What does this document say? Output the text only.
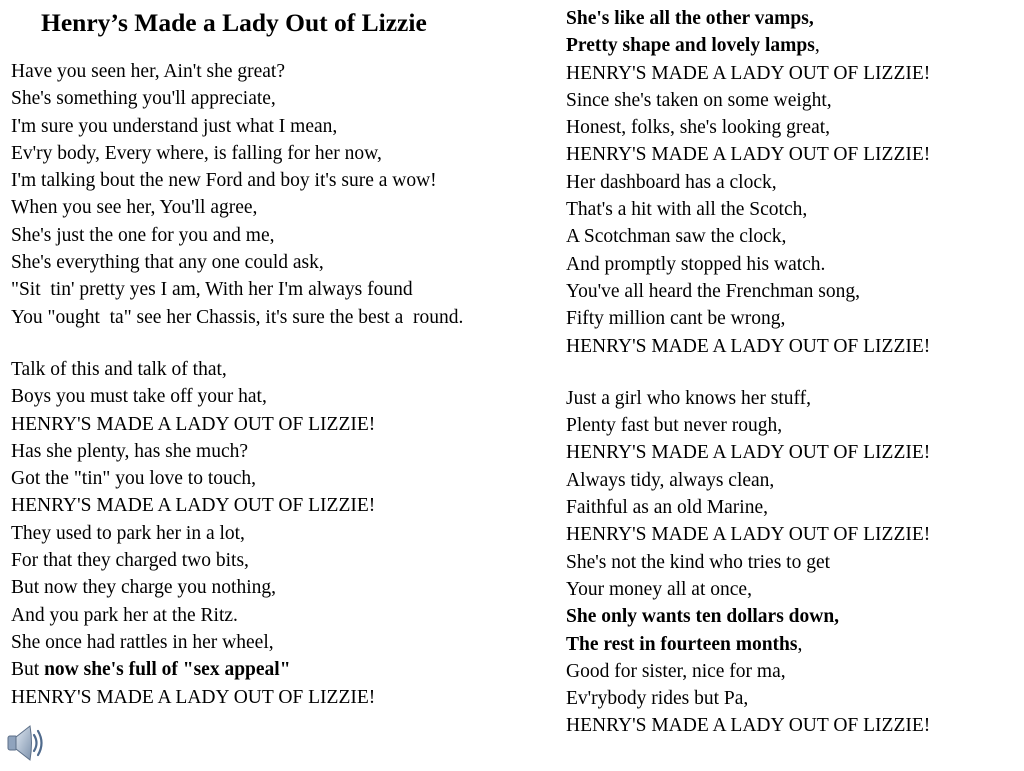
Henry’s Made a Lady Out of Lizzie
Have you seen her, Ain't she great?
She's something you'll appreciate,
I'm sure you understand just what I mean,
Ev'ry body, Every where, is falling for her now,
I'm talking bout the new Ford and boy it's sure a wow!
When you see her, You'll agree,
She's just the one for you and me,
She's everything that any one could ask,
"Sit  tin' pretty yes I am, With her I'm always found
You "ought  ta" see her Chassis, it's sure the best a  round.
Talk of this and talk of that,
Boys you must take off your hat,
HENRY'S MADE A LADY OUT OF LIZZIE!
Has she plenty, has she much?
Got the "tin" you love to touch,
HENRY'S MADE A LADY OUT OF LIZZIE!
They used to park her in a lot,
For that they charged two bits,
But now they charge you nothing,
And you park her at the Ritz.
She once had rattles in her wheel,
But now she's full of "sex appeal"
HENRY'S MADE A LADY OUT OF LIZZIE!
She's like all the other vamps,
Pretty shape and lovely lamps,
HENRY'S MADE A LADY OUT OF LIZZIE!
Since she's taken on some weight,
Honest, folks, she's looking great,
HENRY'S MADE A LADY OUT OF LIZZIE!
Her dashboard has a clock,
That's a hit with all the Scotch,
A Scotchman saw the clock,
And promptly stopped his watch.
You've all heard the Frenchman song,
Fifty million cant be wrong,
HENRY'S MADE A LADY OUT OF LIZZIE!
Just a girl who knows her stuff,
Plenty fast but never rough,
HENRY'S MADE A LADY OUT OF LIZZIE!
Always tidy, always clean,
Faithful as an old Marine,
HENRY'S MADE A LADY OUT OF LIZZIE!
She's not the kind who tries to get
Your money all at once,
She only wants ten dollars down,
The rest in fourteen months,
Good for sister, nice for ma,
Ev'rybody rides but Pa,
HENRY'S MADE A LADY OUT OF LIZZIE!
